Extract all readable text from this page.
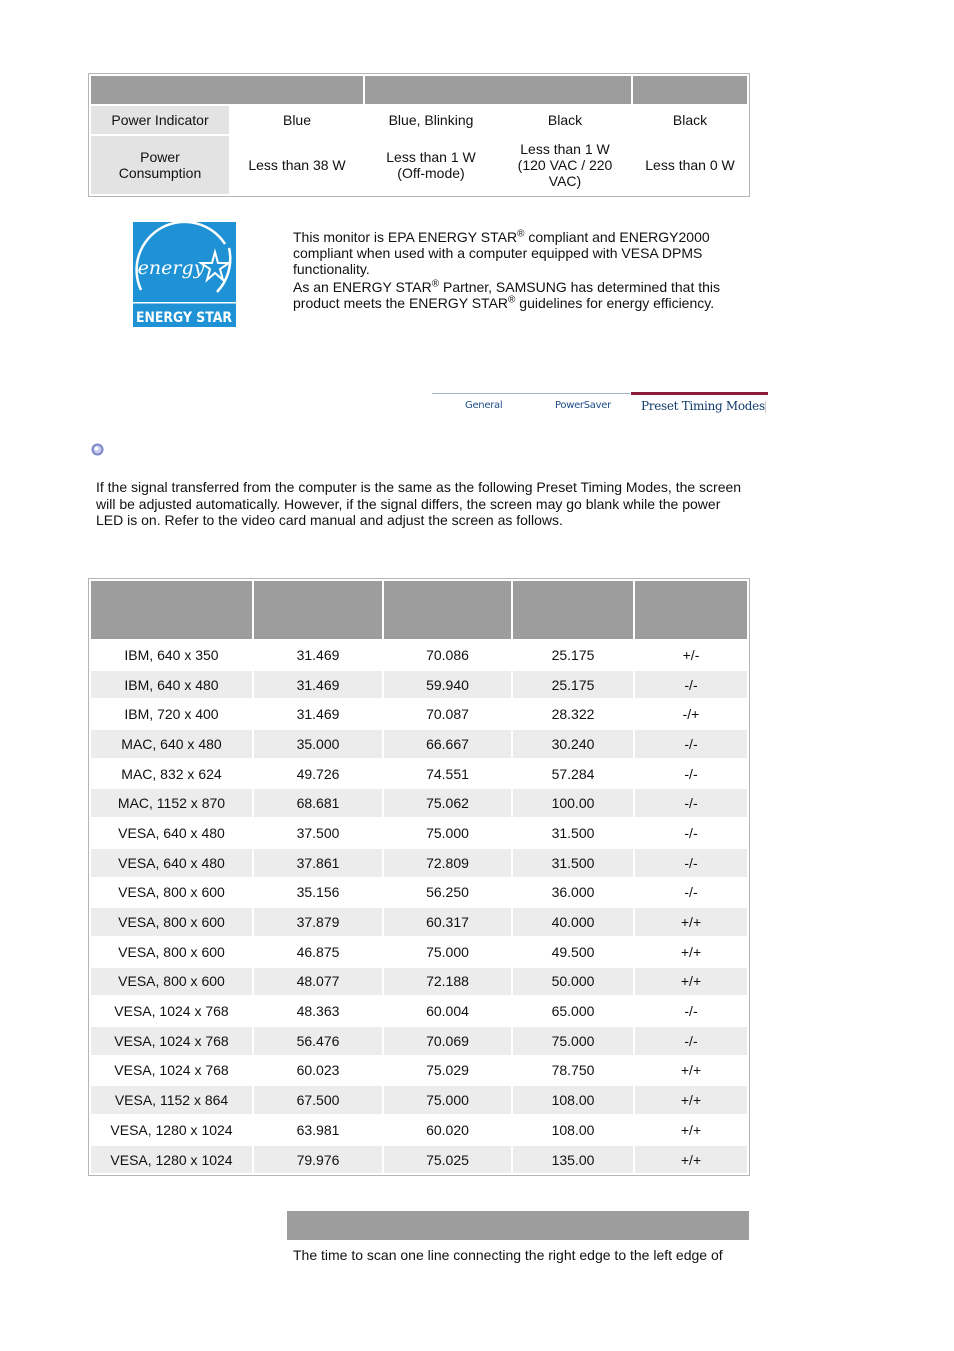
Power Indicator	Blue	Blue, Blinking	Black	Black
Power Consumption	Less than 38 W	Less than 1 W (Off-mode)	Less than 1 W (120 VAC / 220 VAC)	Less than 0 W
energy
ENERGY STAR

This monitor is EPA ENERGY STAR® compliant and ENERGY2000 compliant when used with a computer equipped with VESA DPMS functionality.

As an ENERGY STAR® Partner, SAMSUNG has determined that this product meets the ENERGY STAR® guidelines for energy efficiency.

General	PowerSaver	Preset Timing Modes

If the signal transferred from the computer is the same as the following Preset Timing Modes, the screen will be adjusted automatically. However, if the signal differs, the screen may go blank while the power LED is on. Refer to the video card manual and adjust the screen as follows.

IBM, 640 x 350	31.469	70.086	25.175	+/-
IBM, 640 x 480	31.469	59.940	25.175	-/-
IBM, 720 x 400	31.469	70.087	28.322	-/+
MAC, 640 x 480	35.000	66.667	30.240	-/-
MAC, 832 x 624	49.726	74.551	57.284	-/-
MAC, 1152 x 870	68.681	75.062	100.00	-/-
VESA, 640 x 480	37.500	75.000	31.500	-/-
VESA, 640 x 480	37.861	72.809	31.500	-/-
VESA, 800 x 600	35.156	56.250	36.000	-/-
VESA, 800 x 600	37.879	60.317	40.000	+/+
VESA, 800 x 600	46.875	75.000	49.500	+/+
VESA, 800 x 600	48.077	72.188	50.000	+/+
VESA, 1024 x 768	48.363	60.004	65.000	-/-
VESA, 1024 x 768	56.476	70.069	75.000	-/-
VESA, 1024 x 768	60.023	75.029	78.750	+/+
VESA, 1152 x 864	67.500	75.000	108.00	+/+
VESA, 1280 x 1024	63.981	60.020	108.00	+/+
VESA, 1280 x 1024	79.976	75.025	135.00	+/+

The time to scan one line connecting the right edge to the left edge of
